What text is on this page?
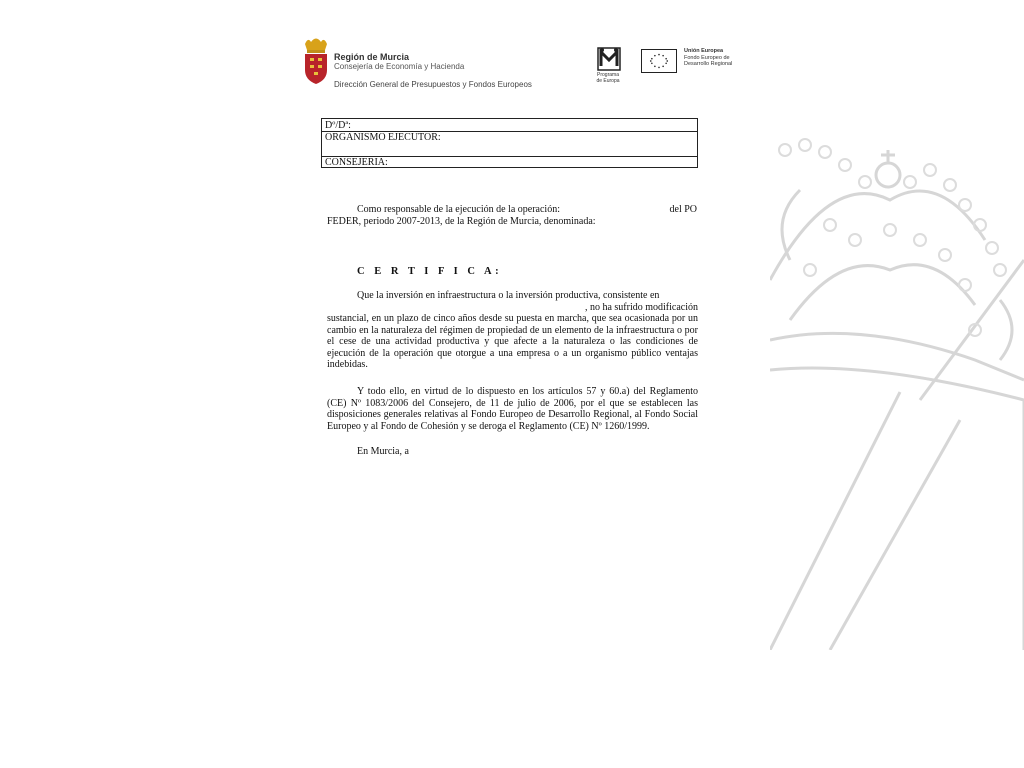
Región de Murcia
Consejería de Economía y Hacienda
Dirección General de Presupuestos y Fondos Europeos
Programa
de Europa
Unión Europea
Fondo Europeo de
Desarrollo Regional
Dº/Dª:
ORGANISMO EJECUTOR:
CONSEJERIA:
Como responsable de la ejecución de la operación:	del PO
FEDER, periodo 2007-2013, de la Región de Murcia, denominada:
C E R T I F I C A:
Que la inversión en infraestructura o la inversión productiva, consistente en
, no ha sufrido modificación
sustancial, en un plazo de cinco años desde su puesta en marcha, que sea ocasionada por un cambio en la naturaleza del régimen de propiedad de un elemento de la infraestructura o por el cese de una actividad productiva y que afecte a la naturaleza o las condiciones de ejecución de la operación que otorgue a una empresa o a un organismo público ventajas indebidas.
Y todo ello, en virtud de lo dispuesto en los artículos 57 y 60.a) del Reglamento (CE) Nº 1083/2006 del Consejero, de 11 de julio de 2006, por el que se establecen las disposiciones generales relativas al Fondo Europeo de Desarrollo Regional, al Fondo Social Europeo y al Fondo de Cohesión y se deroga el Reglamento (CE) Nº 1260/1999.
En Murcia, a
